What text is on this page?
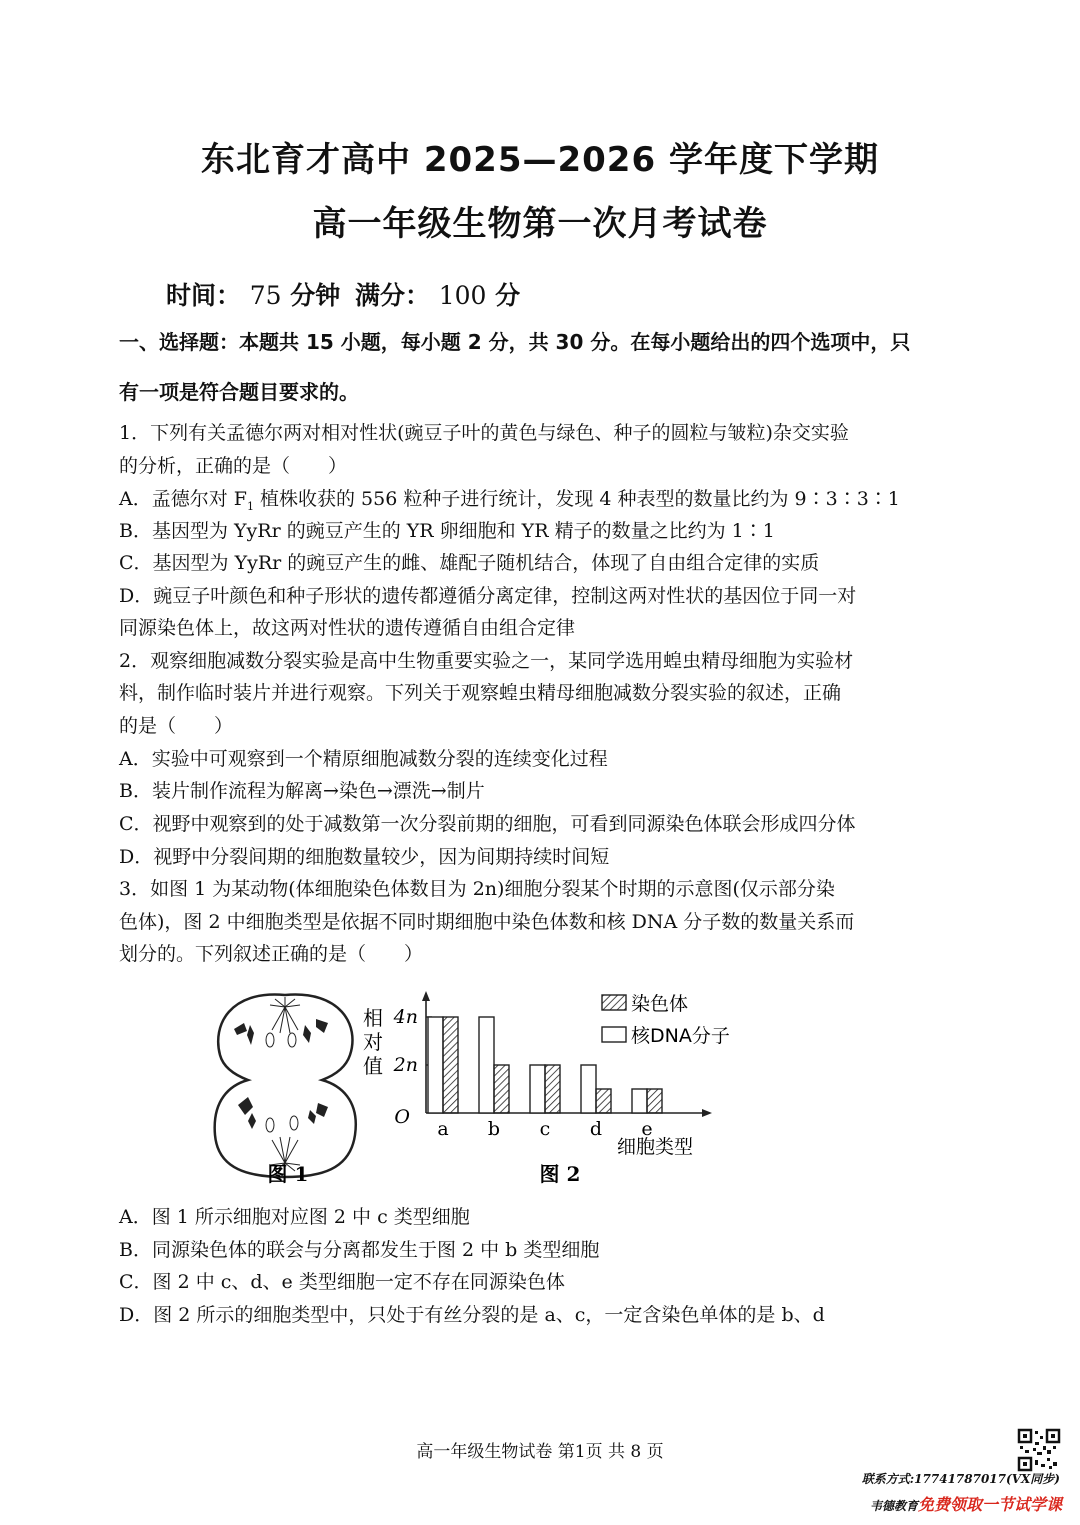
东北育才高中 2025—2026 学年度下学期
高一年级生物第一次月考试卷
时间： 75 分钟 满分： 100 分
一、选择题：本题共 15 小题，每小题 2 分，共 30 分。在每小题给出的四个选项中，只
有一项是符合题目要求的。
1．下列有关孟德尔两对相对性状(豌豆子叶的黄色与绿色、种子的圆粒与皱粒)杂交实验
的分析，正确的是（　　）
A．孟德尔对 $F_1$ 植株收获的 556 粒种子进行统计，发现 4 种表型的数量比约为 9∶3∶3∶1
B．基因型为 YyRr 的豌豆产生的 YR 卵细胞和 YR 精子的数量之比约为 1∶1
C．基因型为 YyRr 的豌豆产生的雌、雄配子随机结合，体现了自由组合定律的实质
D．豌豆子叶颜色和种子形状的遗传都遵循分离定律，控制这两对性状的基因位于同一对
同源染色体上，故这两对性状的遗传遵循自由组合定律
2．观察细胞减数分裂实验是高中生物重要实验之一，某同学选用蝗虫精母细胞为实验材
料，制作临时装片并进行观察。下列关于观察蝗虫精母细胞减数分裂实验的叙述，正确
的是（　　）
A．实验中可观察到一个精原细胞减数分裂的连续变化过程
B．装片制作流程为解离→染色→漂洗→制片
C．视野中观察到的处于减数第一次分裂前期的细胞，可看到同源染色体联会形成四分体
D．视野中分裂间期的细胞数量较少，因为间期持续时间短
3．如图 1 为某动物(体细胞染色体数目为 2n)细胞分裂某个时期的示意图(仅示部分染
色体)，图 2 中细胞类型是依据不同时期细胞中染色体数和核 DNA 分子数的数量关系而
划分的。下列叙述正确的是（　　）
图 1
相
对
值
O
2n
4n
a b c d e
细胞类型
染色体
核DNA分子
图 2
A．图 1 所示细胞对应图 2 中 c 类型细胞
B．同源染色体的联会与分离都发生于图 2 中 b 类型细胞
C．图 2 中 c、d、e 类型细胞一定不存在同源染色体
D．图 2 所示的细胞类型中，只处于有丝分裂的是 a、c，一定含染色单体的是 b、d
高一年级生物试卷 第1页 共 8 页
联系方式:17741787017(VX同步)
韦德教育免费领取一节试学课
